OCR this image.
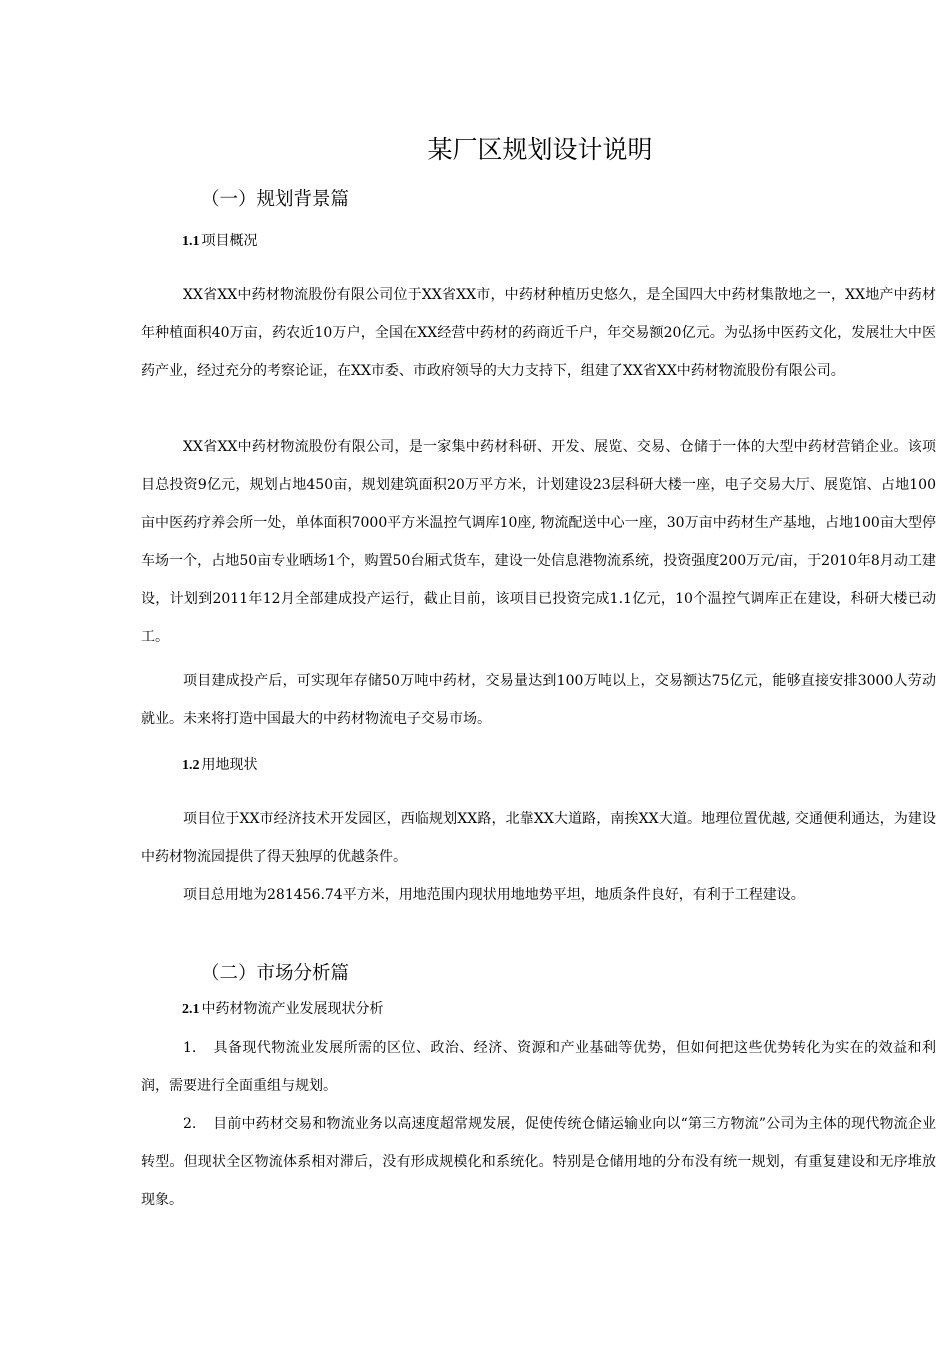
某厂区规划设计说明
（一）规划背景篇
1.1 项目概况

XX省XX中药材物流股份有限公司位于XX省XX市，中药材种植历史悠久，是全国四大中药材集散地之一，XX地产中药材年种植面积40万亩，药农近10万户，全国在XX经营中药材的药商近千户，年交易额20亿元。为弘扬中医药文化，发展壮大中医药产业，经过充分的考察论证，在XX市委、市政府领导的大力支持下，组建了XX省XX中药材物流股份有限公司。

XX省XX中药材物流股份有限公司，是一家集中药材科研、开发、展览、交易、仓储于一体的大型中药材营销企业。该项目总投资9亿元，规划占地450亩，规划建筑面积20万平方米，计划建设23层科研大楼一座，电子交易大厅、展览馆、占地100亩中医药疗养会所一处，单体面积7000平方米温控气调库10座, 物流配送中心一座，30万亩中药材生产基地，占地100亩大型停车场一个，占地50亩专业晒场1个，购置50台厢式货车，建设一处信息港物流系统，投资强度200万元/亩，于2010年8月动工建设，计划到2011年12月全部建成投产运行，截止目前，该项目已投资完成1.1亿元，10个温控气调库正在建设，科研大楼已动工。

项目建成投产后，可实现年存储50万吨中药材，交易量达到100万吨以上，交易额达75亿元，能够直接安排3000人劳动就业。未来将打造中国最大的中药材物流电子交易市场。

1.2 用地现状

项目位于XX市经济技术开发园区，西临规划XX路，北靠XX大道路，南挨XX大道。地理位置优越, 交通便利通达，为建设中药材物流园提供了得天独厚的优越条件。

项目总用地为281456.74平方米，用地范围内现状用地地势平坦，地质条件良好，有利于工程建设。

（二）市场分析篇
2.1 中药材物流产业发展现状分析

1. 具备现代物流业发展所需的区位、政治、经济、资源和产业基础等优势，但如何把这些优势转化为实在的效益和利润，需要进行全面重组与规划。

2. 目前中药材交易和物流业务以高速度超常规发展，促使传统仓储运输业向以“第三方物流”公司为主体的现代物流企业转型。但现状全区物流体系相对滞后，没有形成规模化和系统化。特别是仓储用地的分布没有统一规划，有重复建设和无序堆放现象。
